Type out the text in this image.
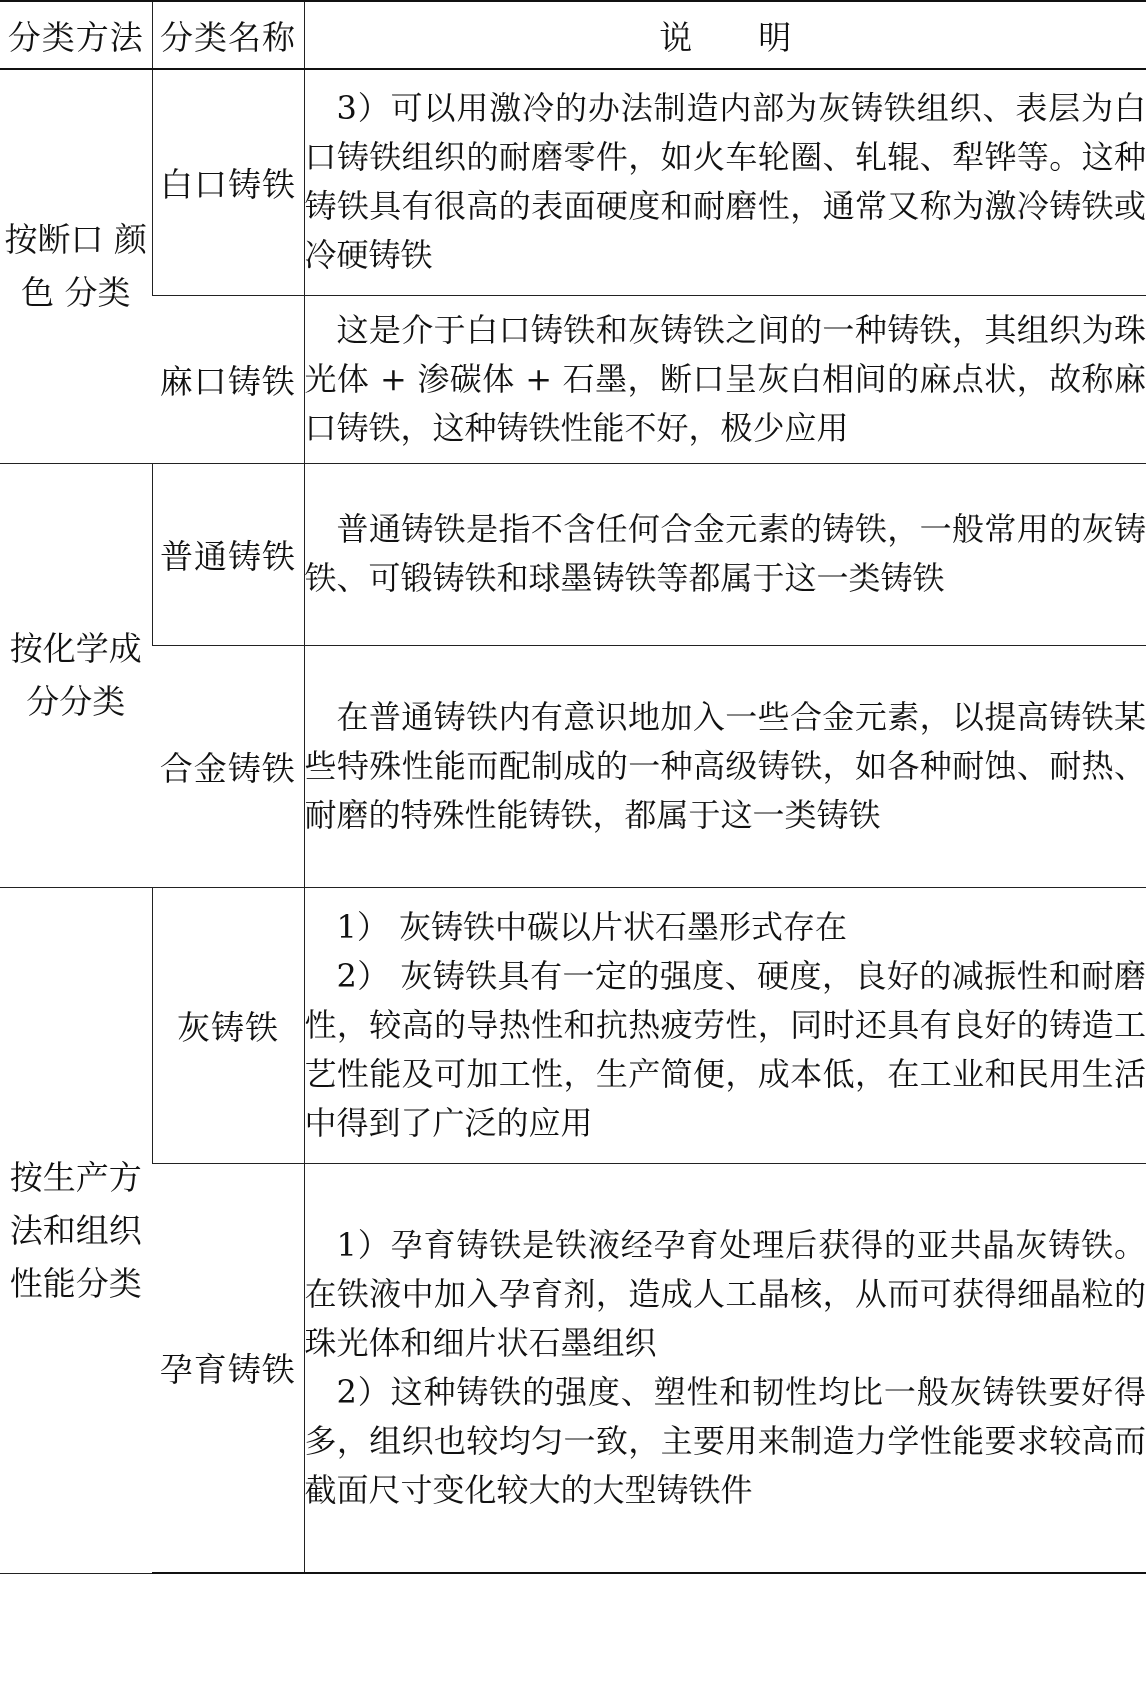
分类方法	分类名称	说 明
按断口 颜色 分类	白口铸铁	3）可以用激冷的办法制造内部为灰铸铁组织、表层为白口铸铁组织的耐磨零件，如火车轮圈、轧辊、犁铧等。这种铸铁具有很高的表面硬度和耐磨性，通常又称为激冷铸铁或冷硬铸铁

	麻口铸铁	这是介于白口铸铁和灰铸铁之间的一种铸铁，其组织为珠光体 + 渗碳体 + 石墨，断口呈灰白相间的麻点状，故称麻口铸铁，这种铸铁性能不好，极少应用

按化学成 分分类	普通铸铁	普通铸铁是指不含任何合金元素的铸铁，一般常用的灰铸铁、可锻铸铁和球墨铸铁等都属于这一类铸铁

	合金铸铁	在普通铸铁内有意识地加入一些合金元素，以提高铸铁某些特殊性能而配制成的一种高级铸铁，如各种耐蚀、耐热、耐磨的特殊性能铸铁，都属于这一类铸铁

按生产方 法和组织 性能分类	灰铸铁	1） 灰铸铁中碳以片状石墨形式存在

2） 灰铸铁具有一定的强度、硬度，良好的减振性和耐磨性，较高的导热性和抗热疲劳性，同时还具有良好的铸造工艺性能及可加工性，生产简便，成本低，在工业和民用生活中得到了广泛的应用

	孕育铸铁	1）孕育铸铁是铁液经孕育处理后获得的亚共晶灰铸铁。在铁液中加入孕育剂，造成人工晶核，从而可获得细晶粒的珠光体和细片状石墨组织

2）这种铸铁的强度、塑性和韧性均比一般灰铸铁要好得多，组织也较均匀一致，主要用来制造力学性能要求较高而截面尺寸变化较大的大型铸铁件
